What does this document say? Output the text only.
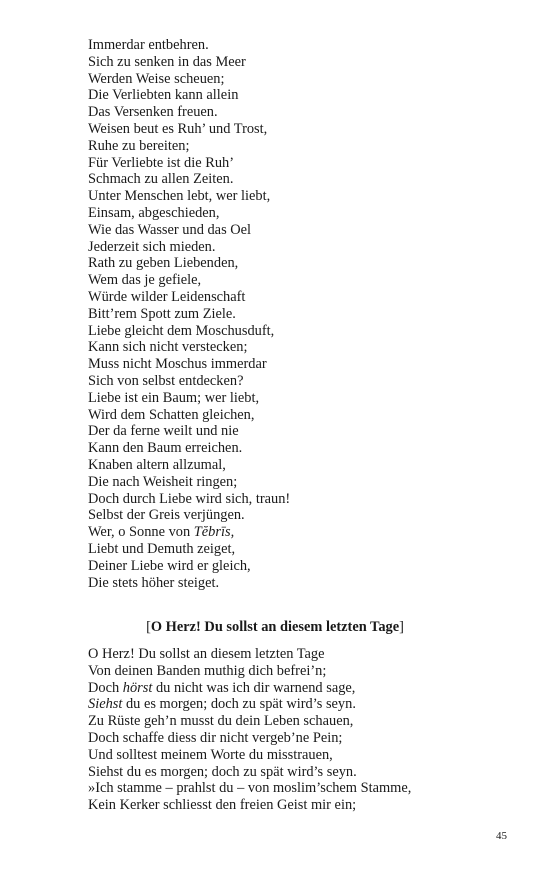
Immerdar entbehren.
Sich zu senken in das Meer
Werden Weise scheuen;
Die Verliebten kann allein
Das Versenken freuen.
Weisen beut es Ruh’ und Trost,
Ruhe zu bereiten;
Für Verliebte ist die Ruh’
Schmach zu allen Zeiten.
Unter Menschen lebt, wer liebt,
Einsam, abgeschieden,
Wie das Wasser und das Oel
Jederzeit sich mieden.
Rath zu geben Liebenden,
Wem das je gefiele,
Würde wilder Leidenschaft
Bitt’rem Spott zum Ziele.
Liebe gleicht dem Moschusduft,
Kann sich nicht verstecken;
Muss nicht Moschus immerdar
Sich von selbst entdecken?
Liebe ist ein Baum; wer liebt,
Wird dem Schatten gleichen,
Der da ferne weilt und nie
Kann den Baum erreichen.
Knaben altern allzumal,
Die nach Weisheit ringen;
Doch durch Liebe wird sich, traun!
Selbst der Greis verjüngen.
Wer, o Sonne von Tĕbrīs,
Liebt und Demuth zeiget,
Deiner Liebe wird er gleich,
Die stets höher steiget.
[O Herz! Du sollst an diesem letzten Tage]
O Herz! Du sollst an diesem letzten Tage
Von deinen Banden muthig dich befrei’n;
Doch hörst du nicht was ich dir warnend sage,
Siehst du es morgen; doch zu spät wird’s seyn.
Zu Rüste geh’n musst du dein Leben schauen,
Doch schaffe diess dir nicht vergeb’ne Pein;
Und solltest meinem Worte du misstrauen,
Siehst du es morgen; doch zu spät wird’s seyn.
»Ich stamme – prahlst du – von moslim’schem Stamme,
Kein Kerker schliesst den freien Geist mir ein;
45
